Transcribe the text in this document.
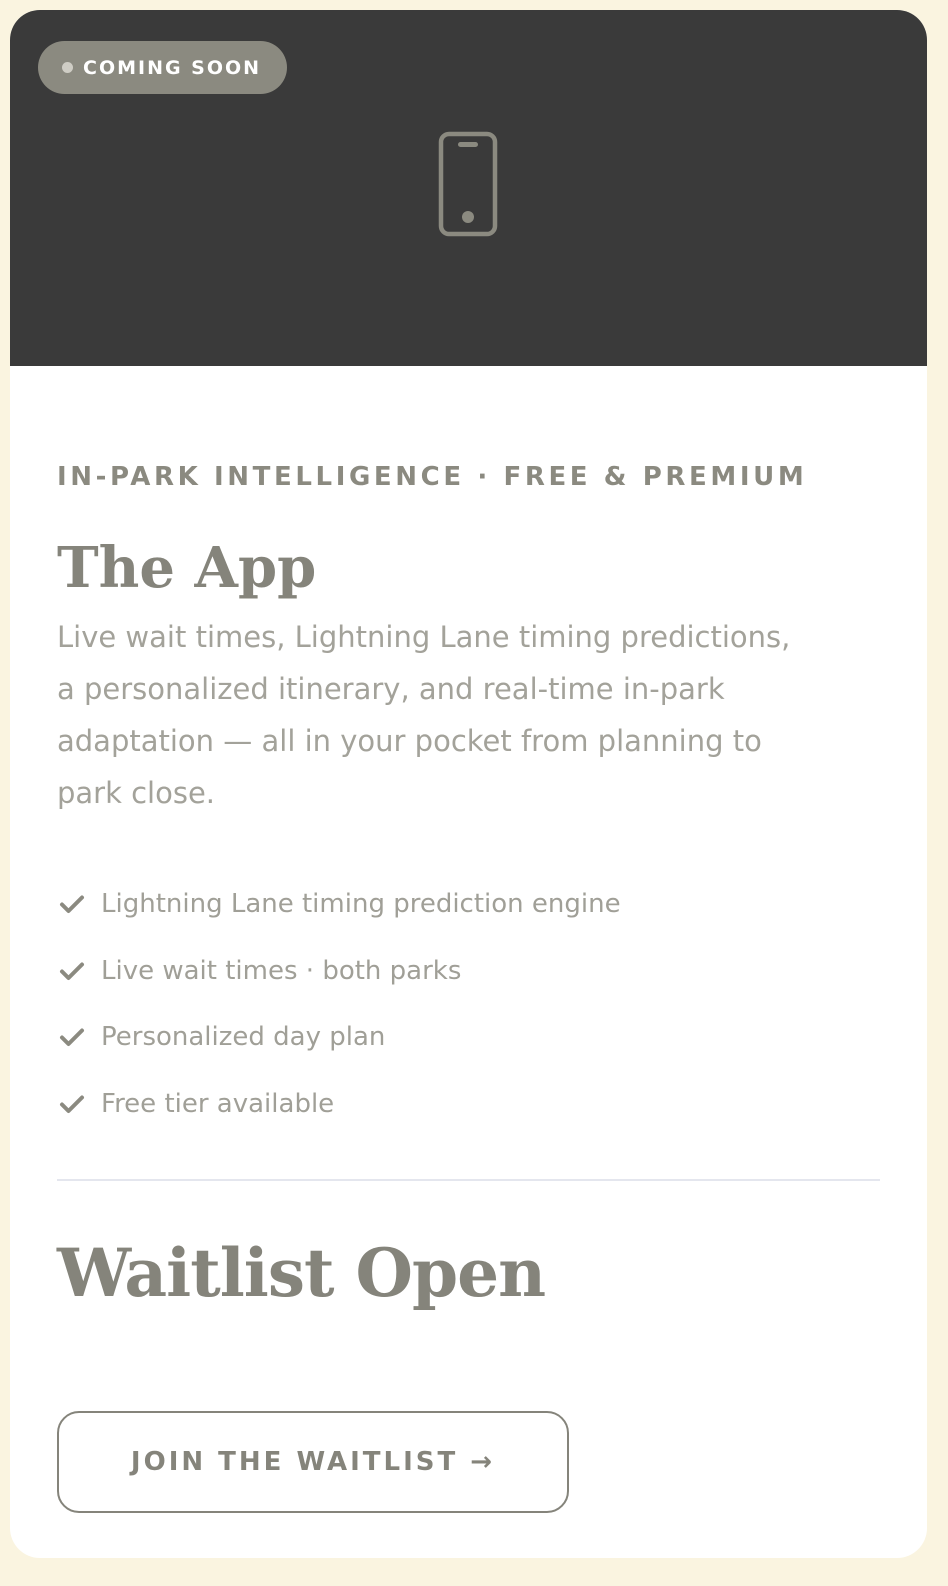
COMING SOON
IN-PARK INTELLIGENCE · FREE & PREMIUM
The App
Live wait times, Lightning Lane timing predictions, a personalized itinerary, and real-time in-park adaptation — all in your pocket from planning to park close.
Lightning Lane timing prediction engine
Live wait times · both parks
Personalized day plan
Free tier available
Waitlist Open
JOIN THE WAITLIST →
